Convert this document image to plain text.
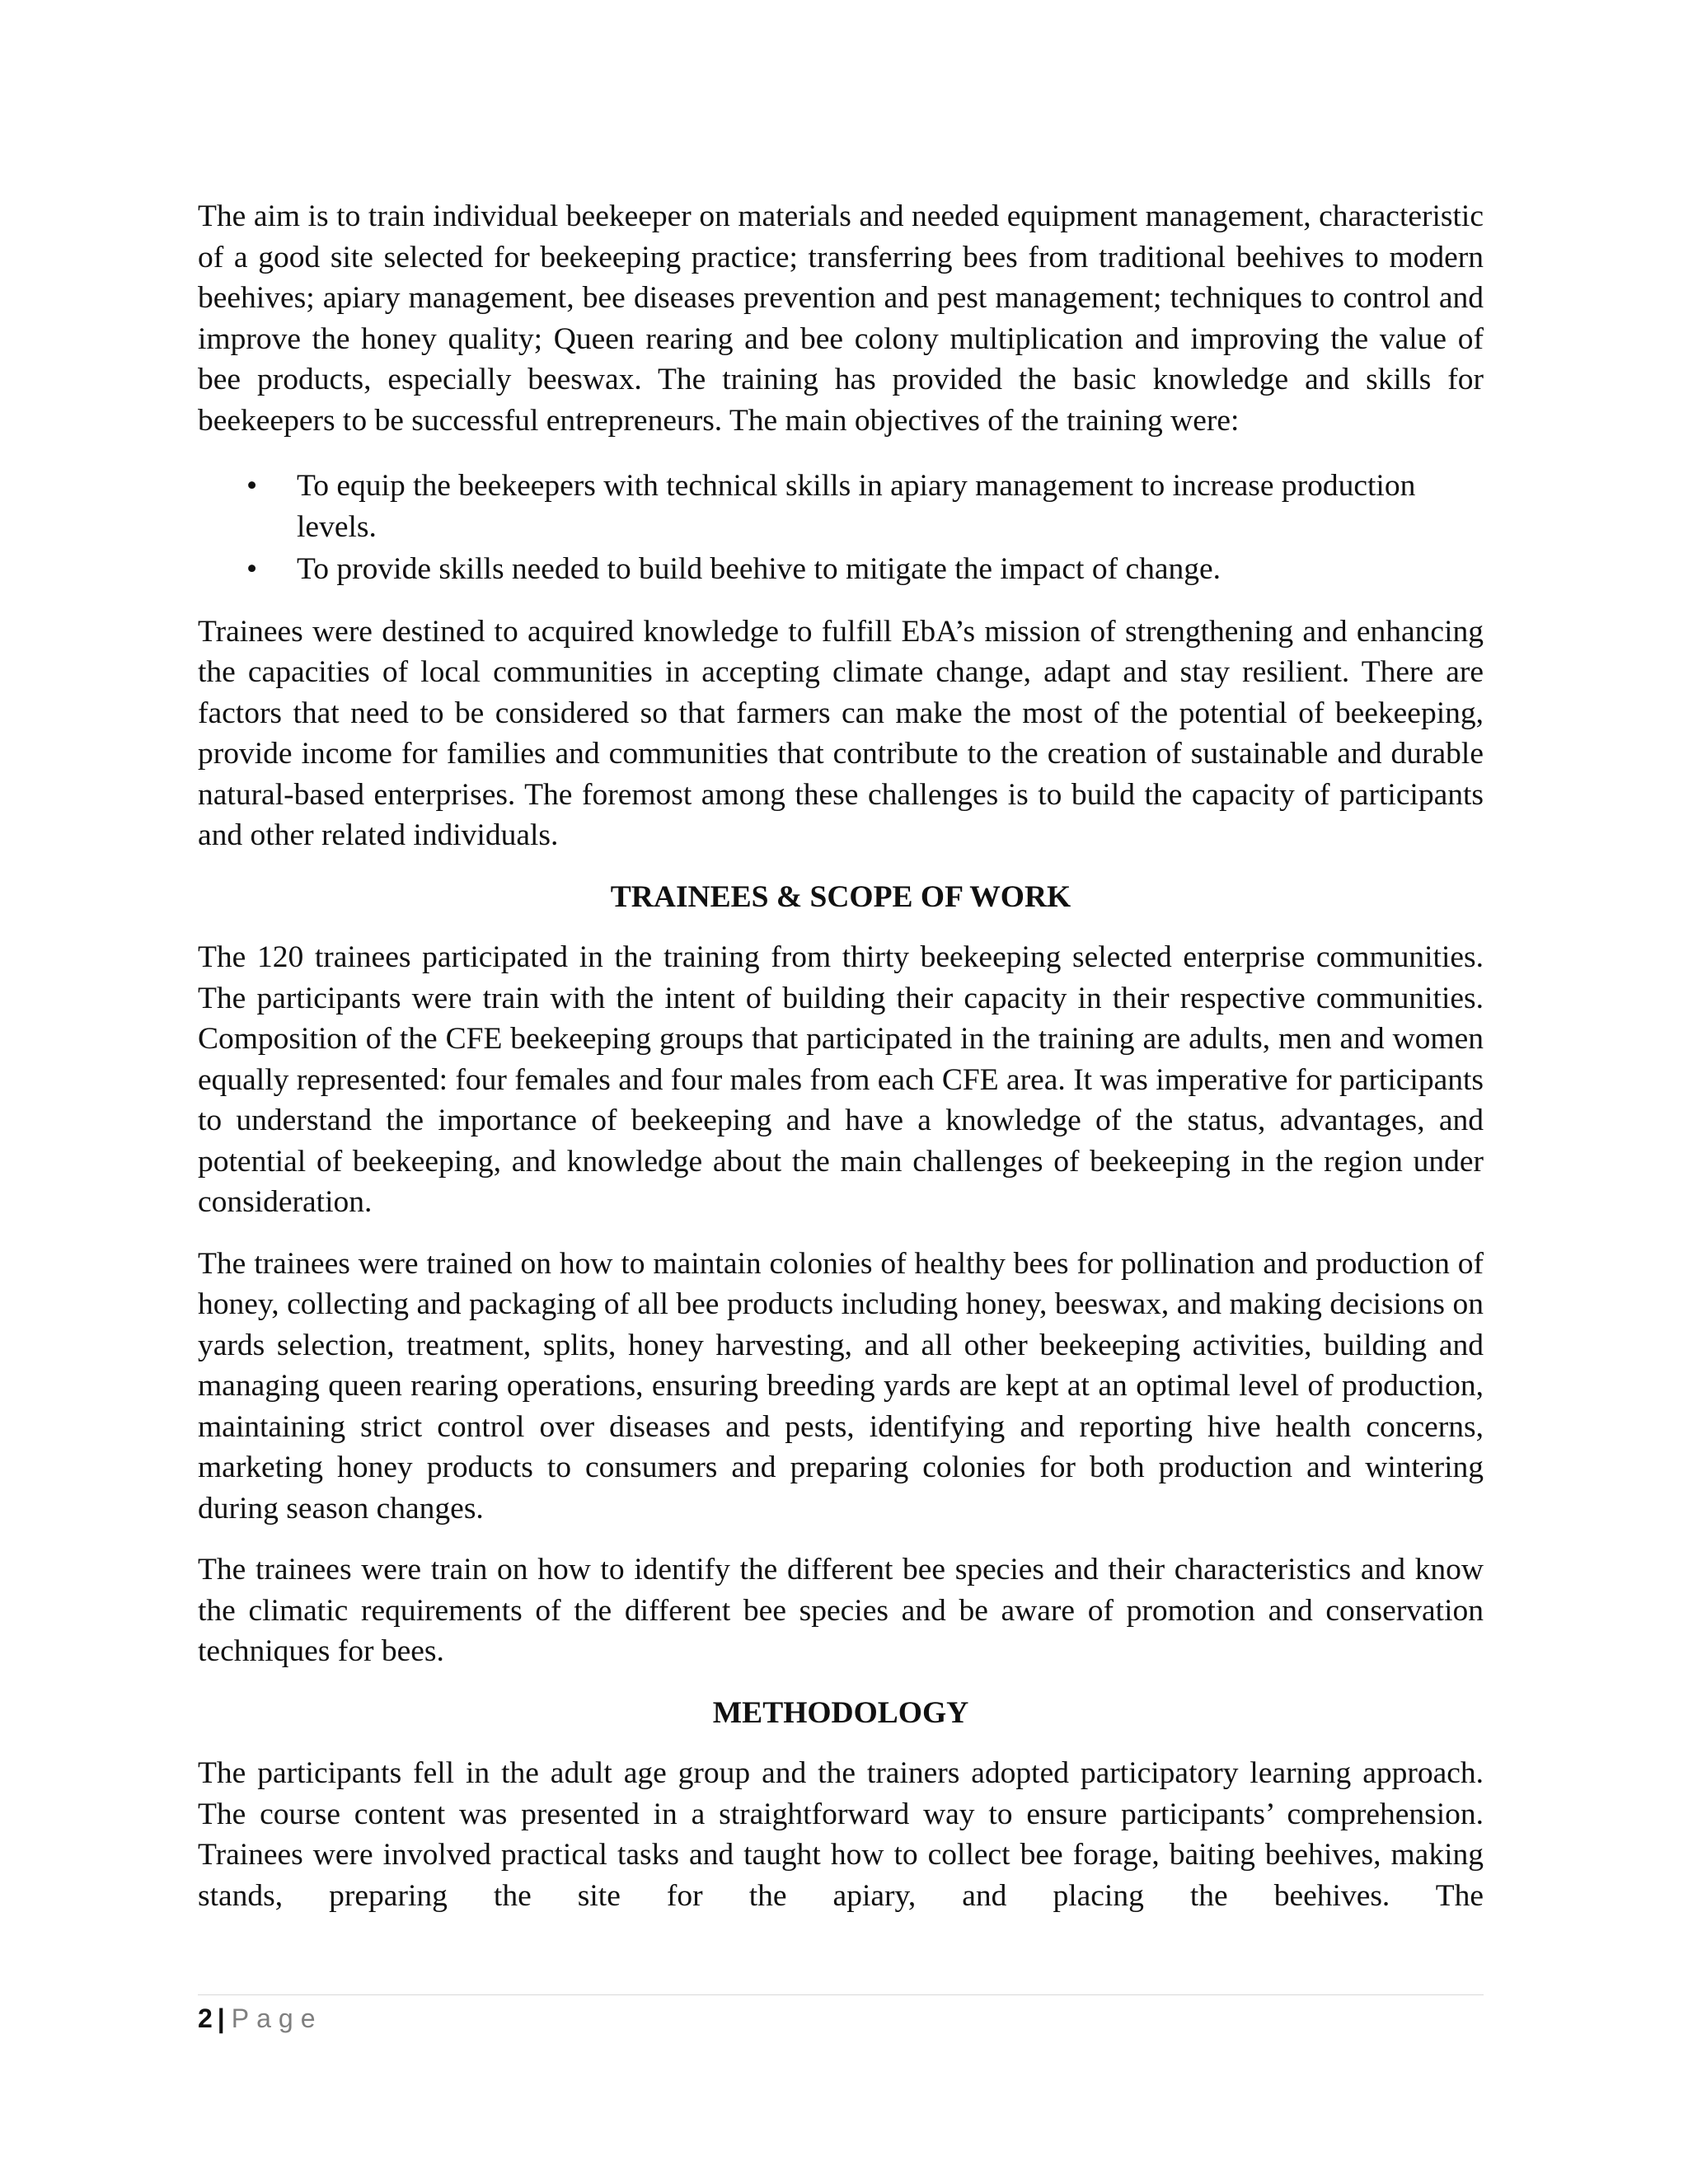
The aim is to train individual beekeeper on materials and needed equipment management, characteristic of a good site selected for beekeeping practice; transferring bees from traditional beehives to modern beehives; apiary management, bee diseases prevention and pest management; techniques to control and improve the honey quality; Queen rearing and bee colony multiplication and improving the value of bee products, especially beeswax. The training has provided the basic knowledge and skills for beekeepers to be successful entrepreneurs. The main objectives of the training were:

• To equip the beekeepers with technical skills in apiary management to increase production levels.
• To provide skills needed to build beehive to mitigate the impact of change.

Trainees were destined to acquired knowledge to fulfill EbA’s mission of strengthening and enhancing the capacities of local communities in accepting climate change, adapt and stay resilient. There are factors that need to be considered so that farmers can make the most of the potential of beekeeping, provide income for families and communities that contribute to the creation of sustainable and durable natural-based enterprises. The foremost among these challenges is to build the capacity of participants and other related individuals.

TRAINEES & SCOPE OF WORK

The 120 trainees participated in the training from thirty beekeeping selected enterprise communities. The participants were train with the intent of building their capacity in their respective communities. Composition of the CFE beekeeping groups that participated in the training are adults, men and women equally represented: four females and four males from each CFE area. It was imperative for participants to understand the importance of beekeeping and have a knowledge of the status, advantages, and potential of beekeeping, and knowledge about the main challenges of beekeeping in the region under consideration.

The trainees were trained on how to maintain colonies of healthy bees for pollination and production of honey, collecting and packaging of all bee products including honey, beeswax, and making decisions on yards selection, treatment, splits, honey harvesting, and all other beekeeping activities, building and managing queen rearing operations, ensuring breeding yards are kept at an optimal level of production, maintaining strict control over diseases and pests, identifying and reporting hive health concerns, marketing honey products to consumers and preparing colonies for both production and wintering during season changes.

The trainees were train on how to identify the different bee species and their characteristics and know the climatic requirements of the different bee species and be aware of promotion and conservation techniques for bees.

METHODOLOGY

The participants fell in the adult age group and the trainers adopted participatory learning approach. The course content was presented in a straightforward way to ensure participants’ comprehension. Trainees were involved practical tasks and taught how to collect bee forage, baiting beehives, making stands, preparing the site for the apiary, and placing the beehives. The

2 | Page
